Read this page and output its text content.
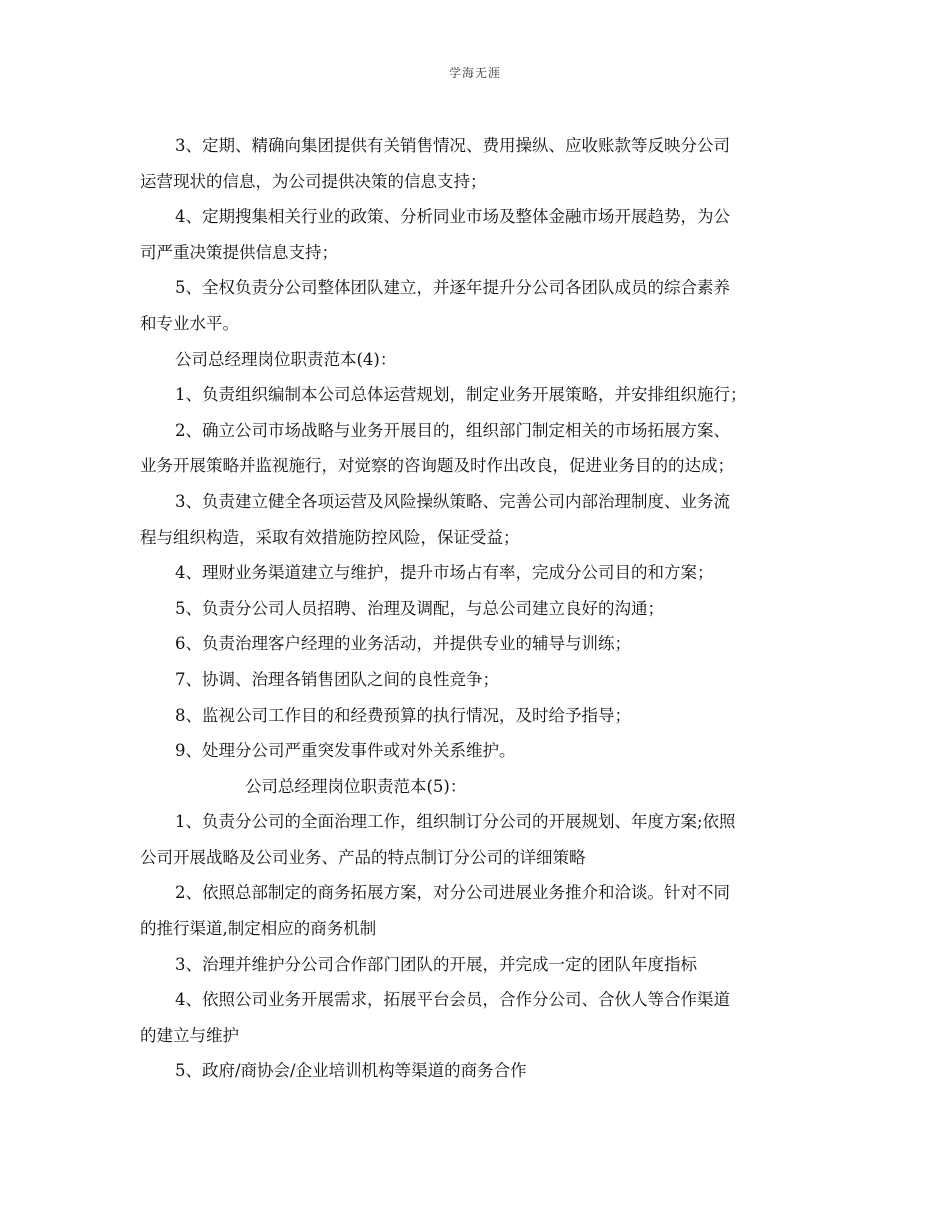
学海无涯

3、定期、精确向集团提供有关销售情况、费用操纵、应收账款等反映分公司

运营现状的信息，为公司提供决策的信息支持；

4、定期搜集相关行业的政策、分析同业市场及整体金融市场开展趋势，为公

司严重决策提供信息支持；

5、全权负责分公司整体团队建立，并逐年提升分公司各团队成员的综合素养

和专业水平。

公司总经理岗位职责范本(4)：

1、负责组织编制本公司总体运营规划，制定业务开展策略，并安排组织施行；

2、确立公司市场战略与业务开展目的，组织部门制定相关的市场拓展方案、

业务开展策略并监视施行，对觉察的咨询题及时作出改良，促进业务目的的达成；

3、负责建立健全各项运营及风险操纵策略、完善公司内部治理制度、业务流

程与组织构造，采取有效措施防控风险，保证受益；

4、理财业务渠道建立与维护，提升市场占有率，完成分公司目的和方案；

5、负责分公司人员招聘、治理及调配，与总公司建立良好的沟通；

6、负责治理客户经理的业务活动，并提供专业的辅导与训练；

7、协调、治理各销售团队之间的良性竞争；

8、监视公司工作目的和经费预算的执行情况，及时给予指导；

9、处理分公司严重突发事件或对外关系维护。

公司总经理岗位职责范本(5)：

1、负责分公司的全面治理工作，组织制订分公司的开展规划、年度方案;依照

公司开展战略及公司业务、产品的特点制订分公司的详细策略

2、依照总部制定的商务拓展方案，对分公司进展业务推介和洽谈。针对不同

的推行渠道,制定相应的商务机制

3、治理并维护分公司合作部门团队的开展，并完成一定的团队年度指标

4、依照公司业务开展需求，拓展平台会员，合作分公司、合伙人等合作渠道

的建立与维护

5、政府/商协会/企业培训机构等渠道的商务合作
